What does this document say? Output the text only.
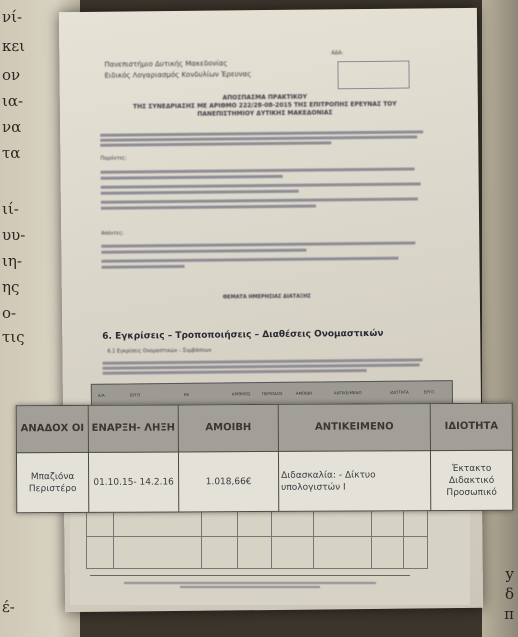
νί-
κει
ον
ια-
να
τα
ιί-
υυ-
ιη-
ης
ο-
τις
έ-
y
δ
π
Πανεπιστήμιο Δυτικής Μακεδονίας
Ειδικός Λογαριασμός Κονδυλίων Έρευνας
ΑΔΑ:
ΑΠΟΣΠΑΣΜΑ ΠΡΑΚΤΙΚΟΥ
ΤΗΣ ΣΥΝΕΔΡΙΑΣΗΣ ΜΕ ΑΡΙΘΜΟ 222/28-08-2015 ΤΗΣ ΕΠΙΤΡΟΠΗΣ ΕΡΕΥΝΑΣ ΤΟΥ
ΠΑΝΕΠΙΣΤΗΜΙΟΥ ΔΥΤΙΚΗΣ ΜΑΚΕΔΟΝΙΑΣ
Παρόντες:
Απόντες:
ΘΕΜΑΤΑ ΗΜΕΡΗΣΙΑΣ ΔΙΑΤΑΞΗΣ
6. Εγκρίσεις – Τροποποιήσεις – Διαθέσεις Ονομαστικών
6.1 Εγκρίσεις Ονομαστικών – Συμβάσεων
Α/Α	ΕΡΓΟ	ΚΕ	ΑΡΙΘΜΟΣ	ΠΕΡΙΟΔΟΣ	ΑΜΟΙΒΗ	ΑΝΤΙΚΕΙΜΕΝΟ	ΙΔΙΟΤΗΤΑ	ΕΡΓΟ
ΑΝΑΔΟΧ ΟΙ	ΕΝΑΡΞΗ- ΛΗΞΗ	ΑΜΟΙΒΗ	ΑΝΤΙΚΕΙΜΕΝΟ	ΙΔΙΟΤΗΤΑ
Μπαζιόνα Περιστέρο	01.10.15- 14.2.16	1.018,66€	Διδασκαλία: - Δίκτυο υπολογιστών Ι	Έκτακτο Διδακτικό Προσωπικό
